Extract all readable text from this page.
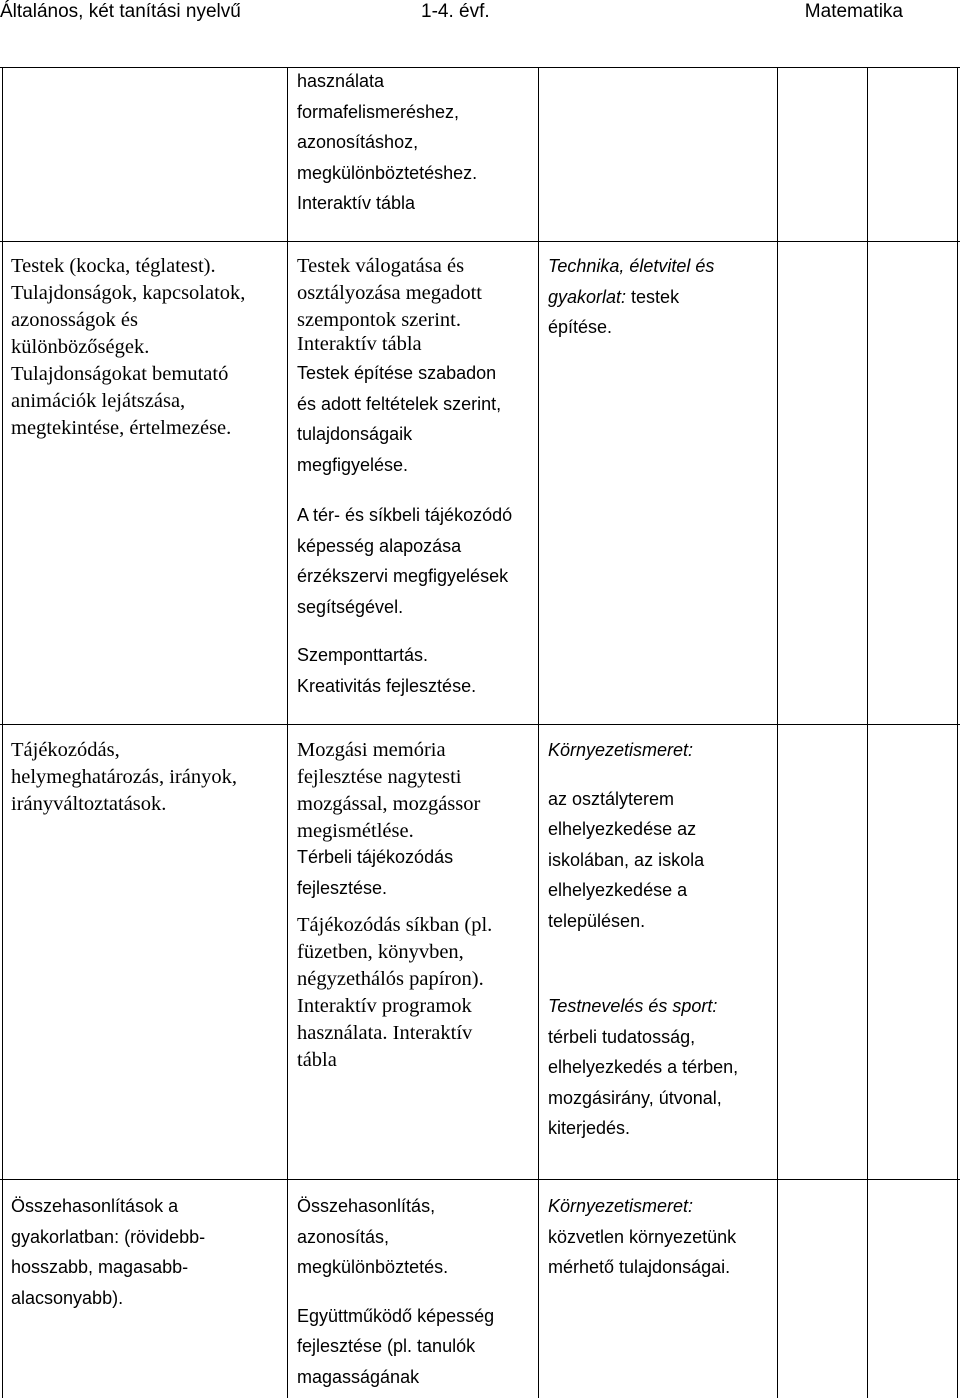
Általános, két tanítási nyelvű	1-4. évf.	Matematika
használata
formafelismeréshez,
azonosításhoz,
megkülönböztetéshez.
Interaktív tábla
Testek (kocka, téglatest).
Tulajdonságok, kapcsolatok,
azonosságok és
különbözőségek.
Tulajdonságokat bemutató
animációk lejátszása,
megtekintése, értelmezése.
Testek válogatása és
osztályozása megadott
szempontok szerint.
Interaktív tábla
Testek építése szabadon
és adott feltételek szerint,
tulajdonságaik
megfigyelése.
A tér- és síkbeli tájékozódó
képesség alapozása
érzékszervi megfigyelések
segítségével.
Szemponttartás.
Kreativitás fejlesztése.
Technika, életvitel és
gyakorlat: testek
építése.
Tájékozódás,
helymeghatározás, irányok,
irányváltoztatások.
Mozgási memória
fejlesztése nagytesti
mozgással, mozgássor
megismétlése.
Térbeli tájékozódás
fejlesztése.
Tájékozódás síkban (pl.
füzetben, könyvben,
négyzethálós papíron).
Interaktív programok
használata. Interaktív
tábla
Környezetismeret:
az osztályterem
elhelyezkedése az
iskolában, az iskola
elhelyezkedése a
településen.
Testnevelés és sport:
térbeli tudatosság,
elhelyezkedés a térben,
mozgásirány, útvonal,
kiterjedés.
Összehasonlítások a
gyakorlatban: (rövidebb-
hosszabb, magasabb-
alacsonyabb).
Összehasonlítás,
azonosítás,
megkülönböztetés.
Együttműködő képesség
fejlesztése (pl. tanulók
magasságának
Környezetismeret:
közvetlen környezetünk
mérhető tulajdonságai.
